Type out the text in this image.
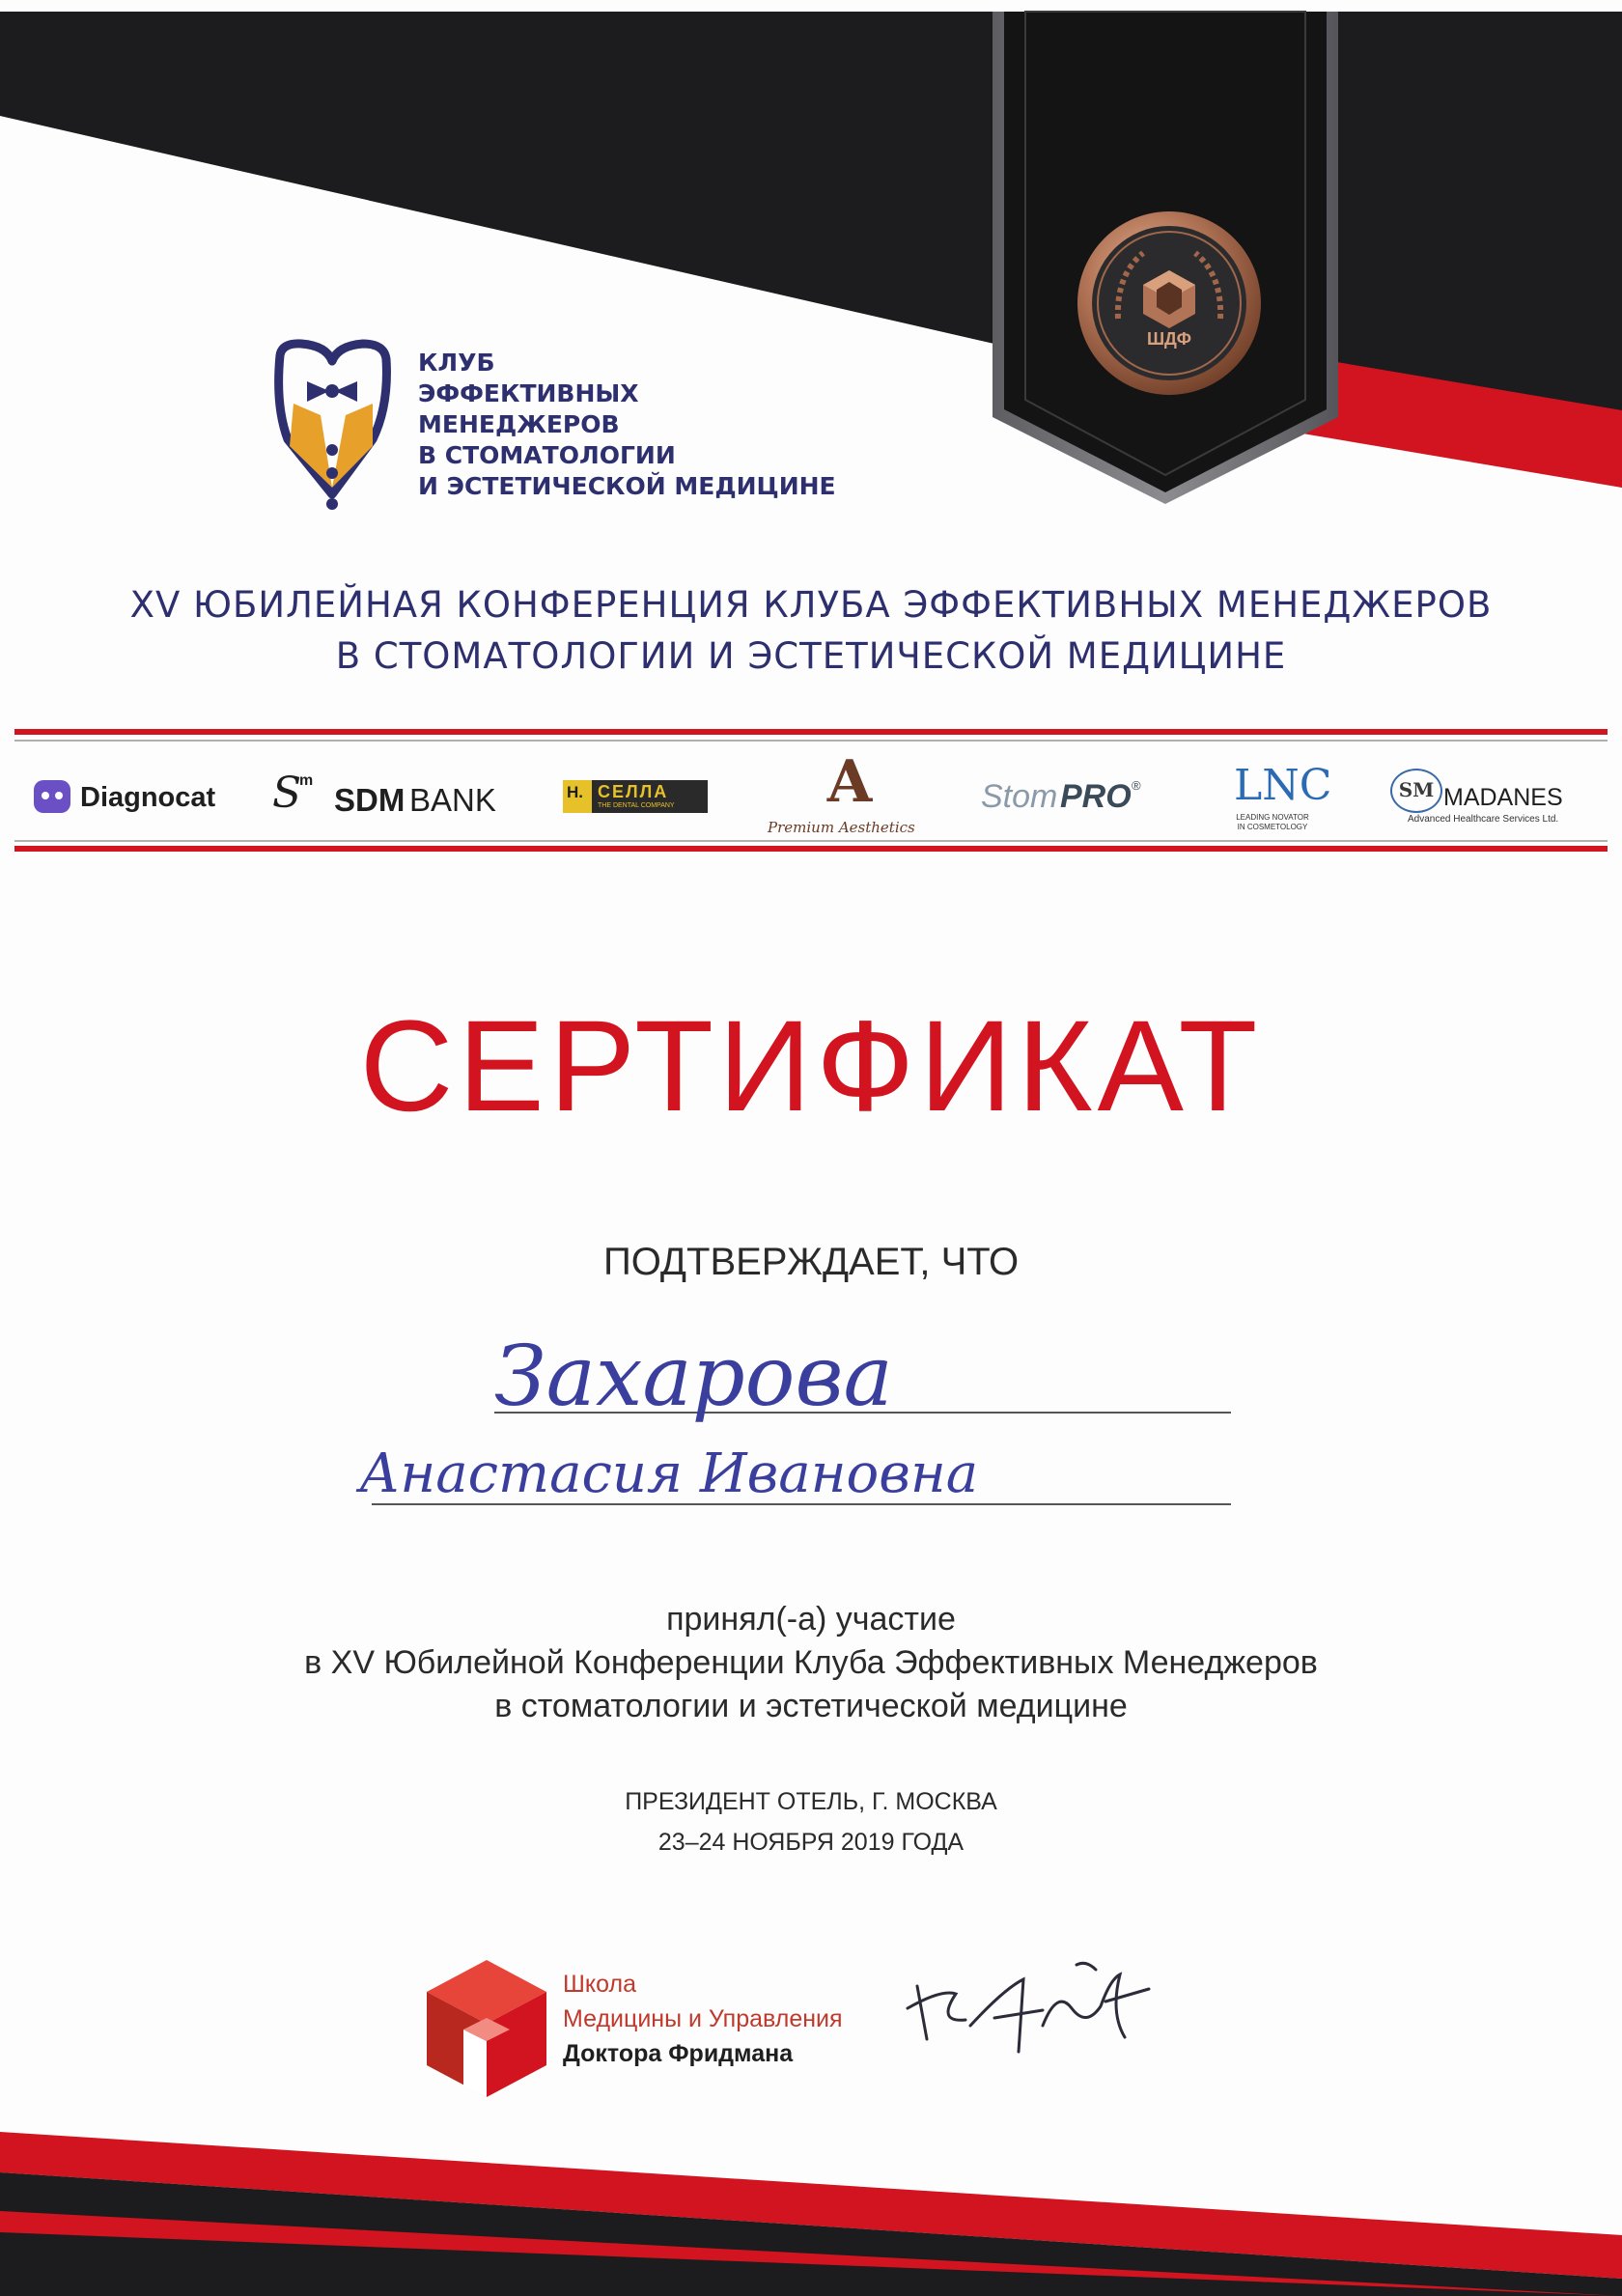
КЛУБ
ЭФФЕКТИВНЫХ
МЕНЕДЖЕРОВ
В СТОМАТОЛОГИИ
И ЭСТЕТИЧЕСКОЙ МЕДИЦИНЕ
ШДФ
XV ЮБИЛЕЙНАЯ КОНФЕРЕНЦИЯ КЛУБА ЭФФЕКТИВНЫХ МЕНЕДЖЕРОВ
В СТОМАТОЛОГИИ И ЭСТЕТИЧЕСКОЙ МЕДИЦИНЕ
Diagnocat S
m
SDM BANK	H. СЕЛЛА
THE DENTAL COMPANY	A
Premium Aesthetics
Stom PRO ® LNC
LEADING NOVATOR
IN COSMETOLOGY
SM MADANES
Advanced Healthcare Services Ltd.
СЕРТИФИКАТ
ПОДТВЕРЖДАЕТ, ЧТО
Захарова
Анастасия Ивановна
принял(-а) участие
в XV Юбилейной Конференции Клуба Эффективных Менеджеров
в стоматологии и эстетической медицине
ПРЕЗИДЕНТ ОТЕЛЬ, Г. МОСКВА
23–24 НОЯБРЯ 2019 ГОДА
Школа
Медицины и Управления
Доктора Фридмана
